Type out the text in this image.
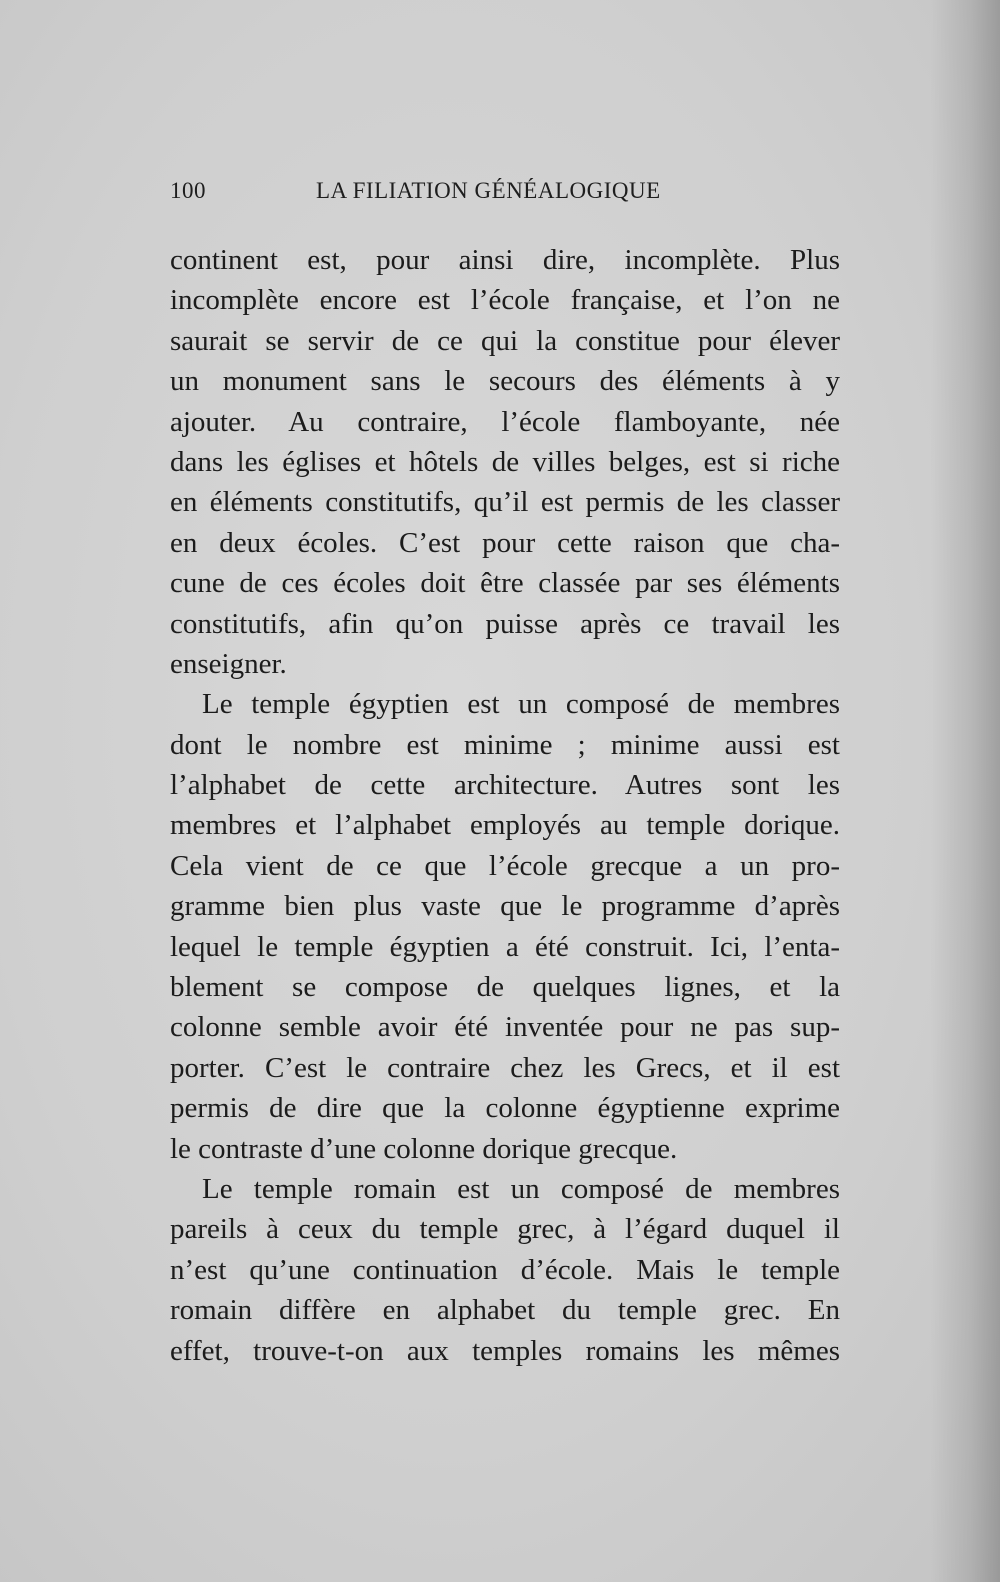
100	LA FILIATION GÉNÉALOGIQUE
continent est, pour ainsi dire, incomplète. Plus
incomplète encore est l’école française, et l’on ne
saurait se servir de ce qui la constitue pour élever
un monument sans le secours des éléments à y
ajouter. Au contraire, l’école flamboyante, née
dans les églises et hôtels de villes belges, est si riche
en éléments constitutifs, qu’il est permis de les classer
en deux écoles. C’est pour cette raison que cha-
cune de ces écoles doit être classée par ses éléments
constitutifs, afin qu’on puisse après ce travail les
enseigner.
Le temple égyptien est un composé de membres
dont le nombre est minime ; minime aussi est
l’alphabet de cette architecture. Autres sont les
membres et l’alphabet employés au temple dorique.
Cela vient de ce que l’école grecque a un pro-
gramme bien plus vaste que le programme d’après
lequel le temple égyptien a été construit. Ici, l’enta-
blement se compose de quelques lignes, et la
colonne semble avoir été inventée pour ne pas sup-
porter. C’est le contraire chez les Grecs, et il est
permis de dire que la colonne égyptienne exprime
le contraste d’une colonne dorique grecque.
Le temple romain est un composé de membres
pareils à ceux du temple grec, à l’égard duquel il
n’est qu’une continuation d’école. Mais le temple
romain diffère en alphabet du temple grec. En
effet, trouve-t-on aux temples romains les mêmes
